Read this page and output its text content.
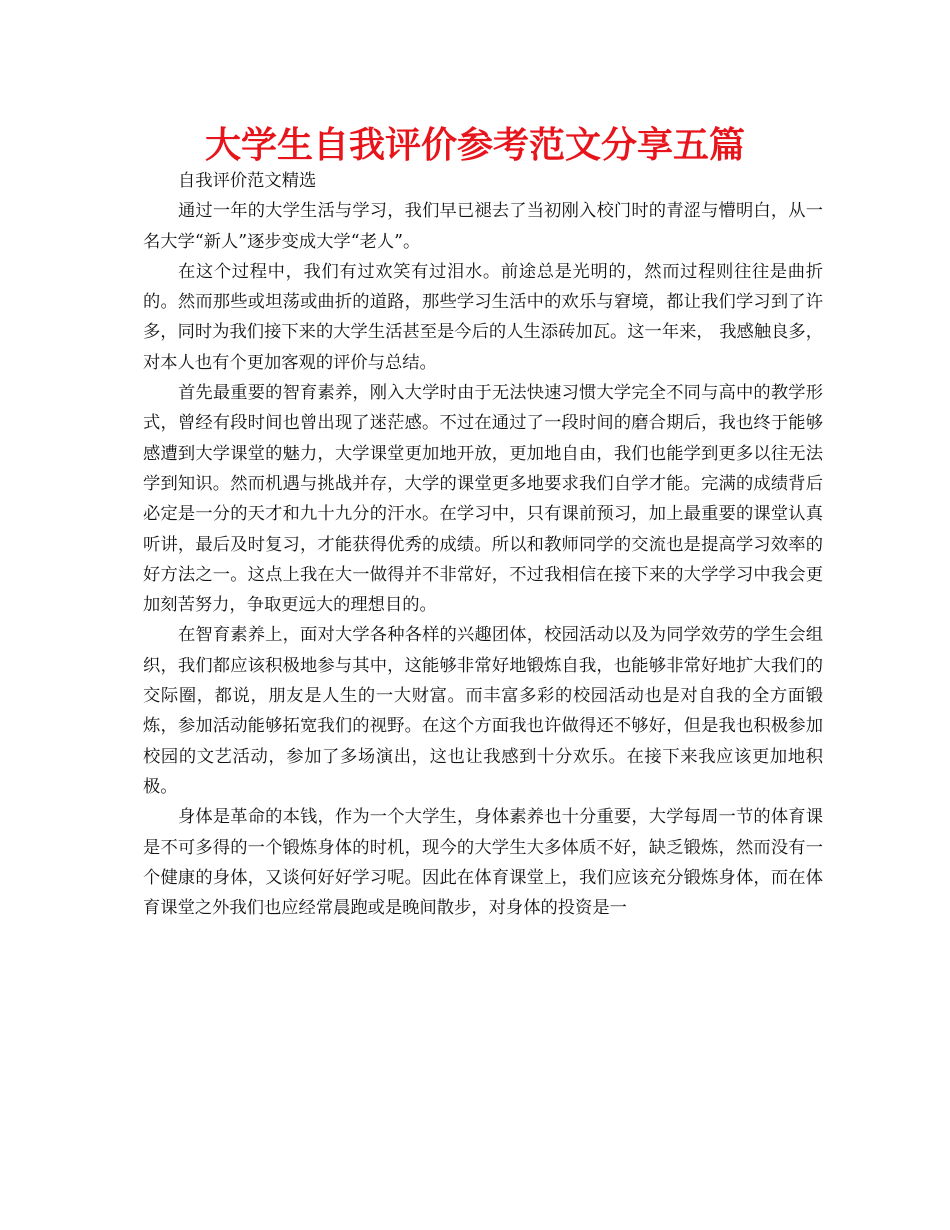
大学生自我评价参考范文分享五篇

自我评价范文精选

通过一年的大学生活与学习，我们早已褪去了当初刚入校门时的青涩与懵明白，从一名大学“新人”逐步变成大学“老人”。

在这个过程中，我们有过欢笑有过泪水。前途总是光明的，然而过程则往往是曲折的。然而那些或坦荡或曲折的道路，那些学习生活中的欢乐与窘境，都让我们学习到了许多，同时为我们接下来的大学生活甚至是今后的人生添砖加瓦。这一年来， 我感触良多，对本人也有个更加客观的评价与总结。

首先最重要的智育素养，刚入大学时由于无法快速习惯大学完全不同与高中的教学形式，曾经有段时间也曾出现了迷茫感。不过在通过了一段时间的磨合期后，我也终于能够感遭到大学课堂的魅力，大学课堂更加地开放，更加地自由，我们也能学到更多以往无法学到知识。然而机遇与挑战并存，大学的课堂更多地要求我们自学才能。完满的成绩背后必定是一分的天才和九十九分的汗水。在学习中，只有课前预习，加上最重要的课堂认真听讲，最后及时复习，才能获得优秀的成绩。所以和教师同学的交流也是提高学习效率的好方法之一。这点上我在大一做得并不非常好，不过我相信在接下来的大学学习中我会更加刻苦努力，争取更远大的理想目的。

在智育素养上，面对大学各种各样的兴趣团体，校园活动以及为同学效劳的学生会组织，我们都应该积极地参与其中，这能够非常好地锻炼自我，也能够非常好地扩大我们的交际圈，都说，朋友是人生的一大财富。而丰富多彩的校园活动也是对自我的全方面锻炼，参加活动能够拓宽我们的视野。在这个方面我也许做得还不够好，但是我也积极参加校园的文艺活动，参加了多场演出，这也让我感到十分欢乐。在接下来我应该更加地积极。

身体是革命的本钱，作为一个大学生，身体素养也十分重要，大学每周一节的体育课是不可多得的一个锻炼身体的时机，现今的大学生大多体质不好，缺乏锻炼，然而没有一个健康的身体，又谈何好好学习呢。因此在体育课堂上，我们应该充分锻炼身体，而在体育课堂之外我们也应经常晨跑或是晚间散步，对身体的投资是一
